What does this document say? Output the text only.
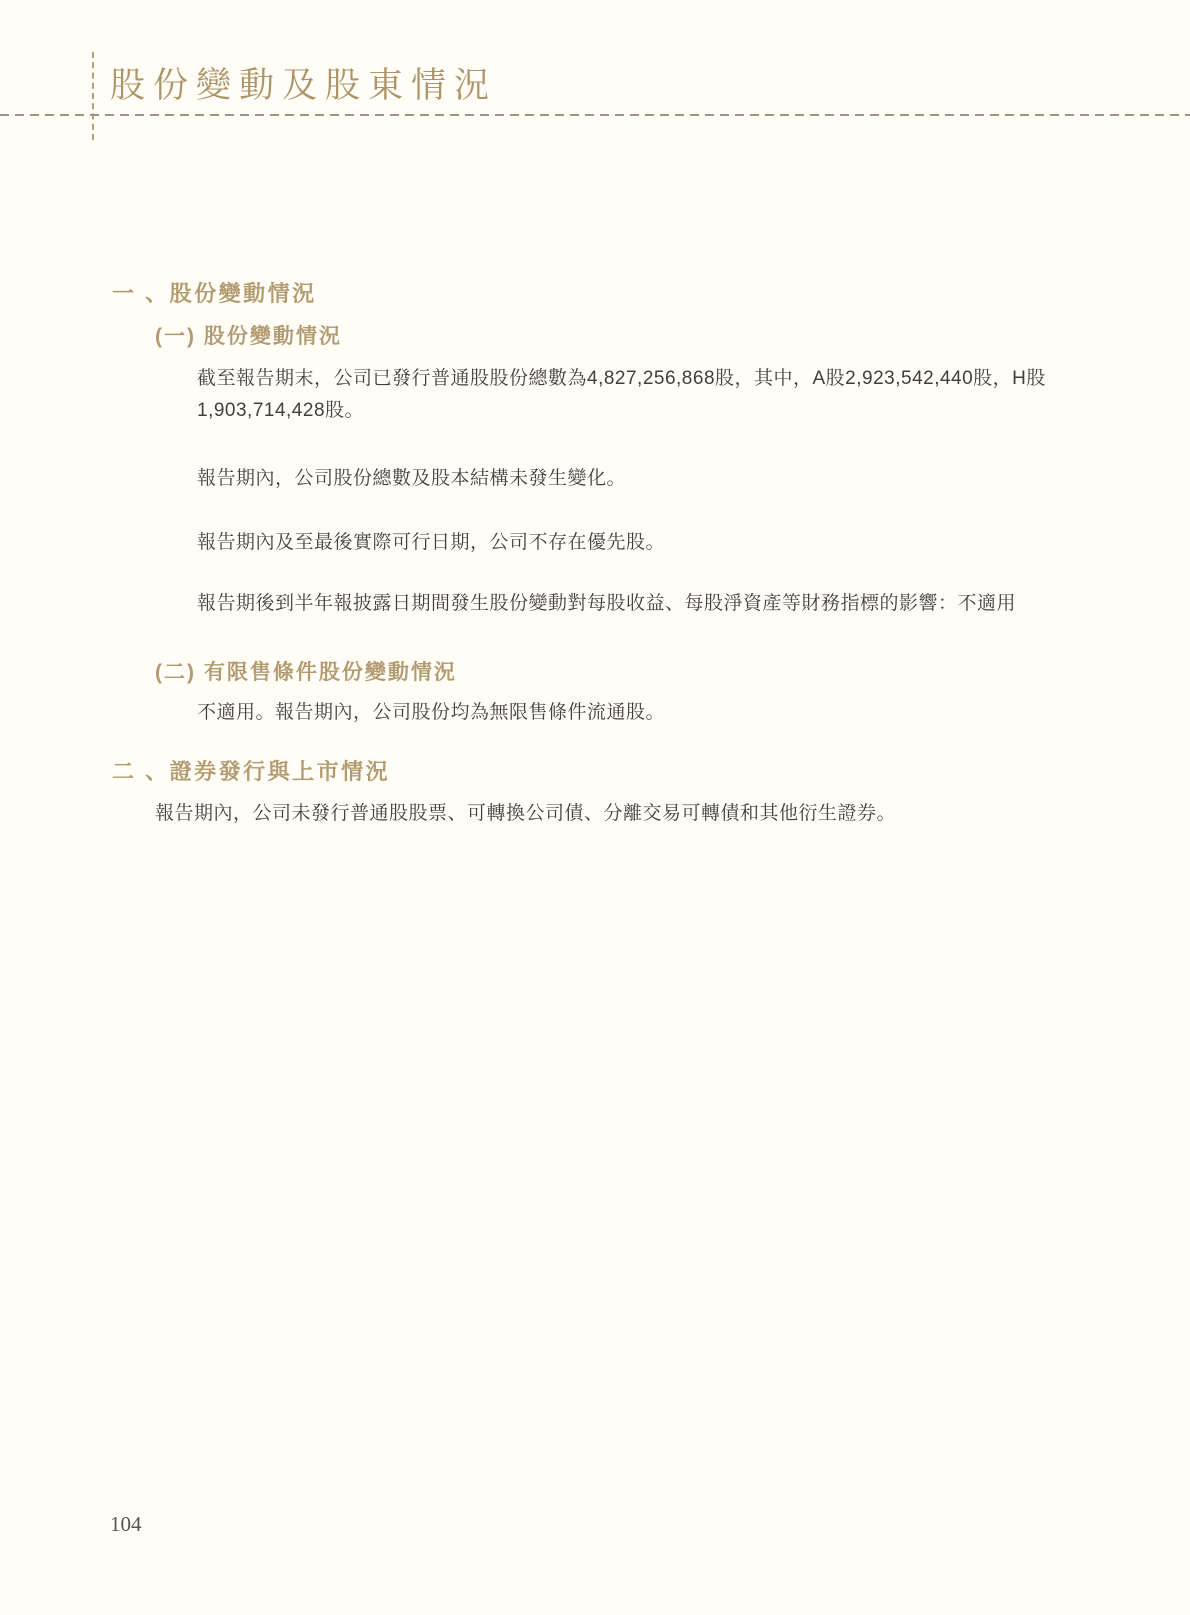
股份變動及股東情況
一 、股份變動情況
(一) 股份變動情況

截至報告期末，公司已發行普通股股份總數為4,827,256,868股，其中，A股2,923,542,440股，H股1,903,714,428股。

報告期內，公司股份總數及股本結構未發生變化。

報告期內及至最後實際可行日期，公司不存在優先股。

報告期後到半年報披露日期間發生股份變動對每股收益、每股淨資產等財務指標的影響：不適用

(二) 有限售條件股份變動情況

不適用。報告期內，公司股份均為無限售條件流通股。

二 、證券發行與上市情況

報告期內，公司未發行普通股股票、可轉換公司債、分離交易可轉債和其他衍生證券。

104
